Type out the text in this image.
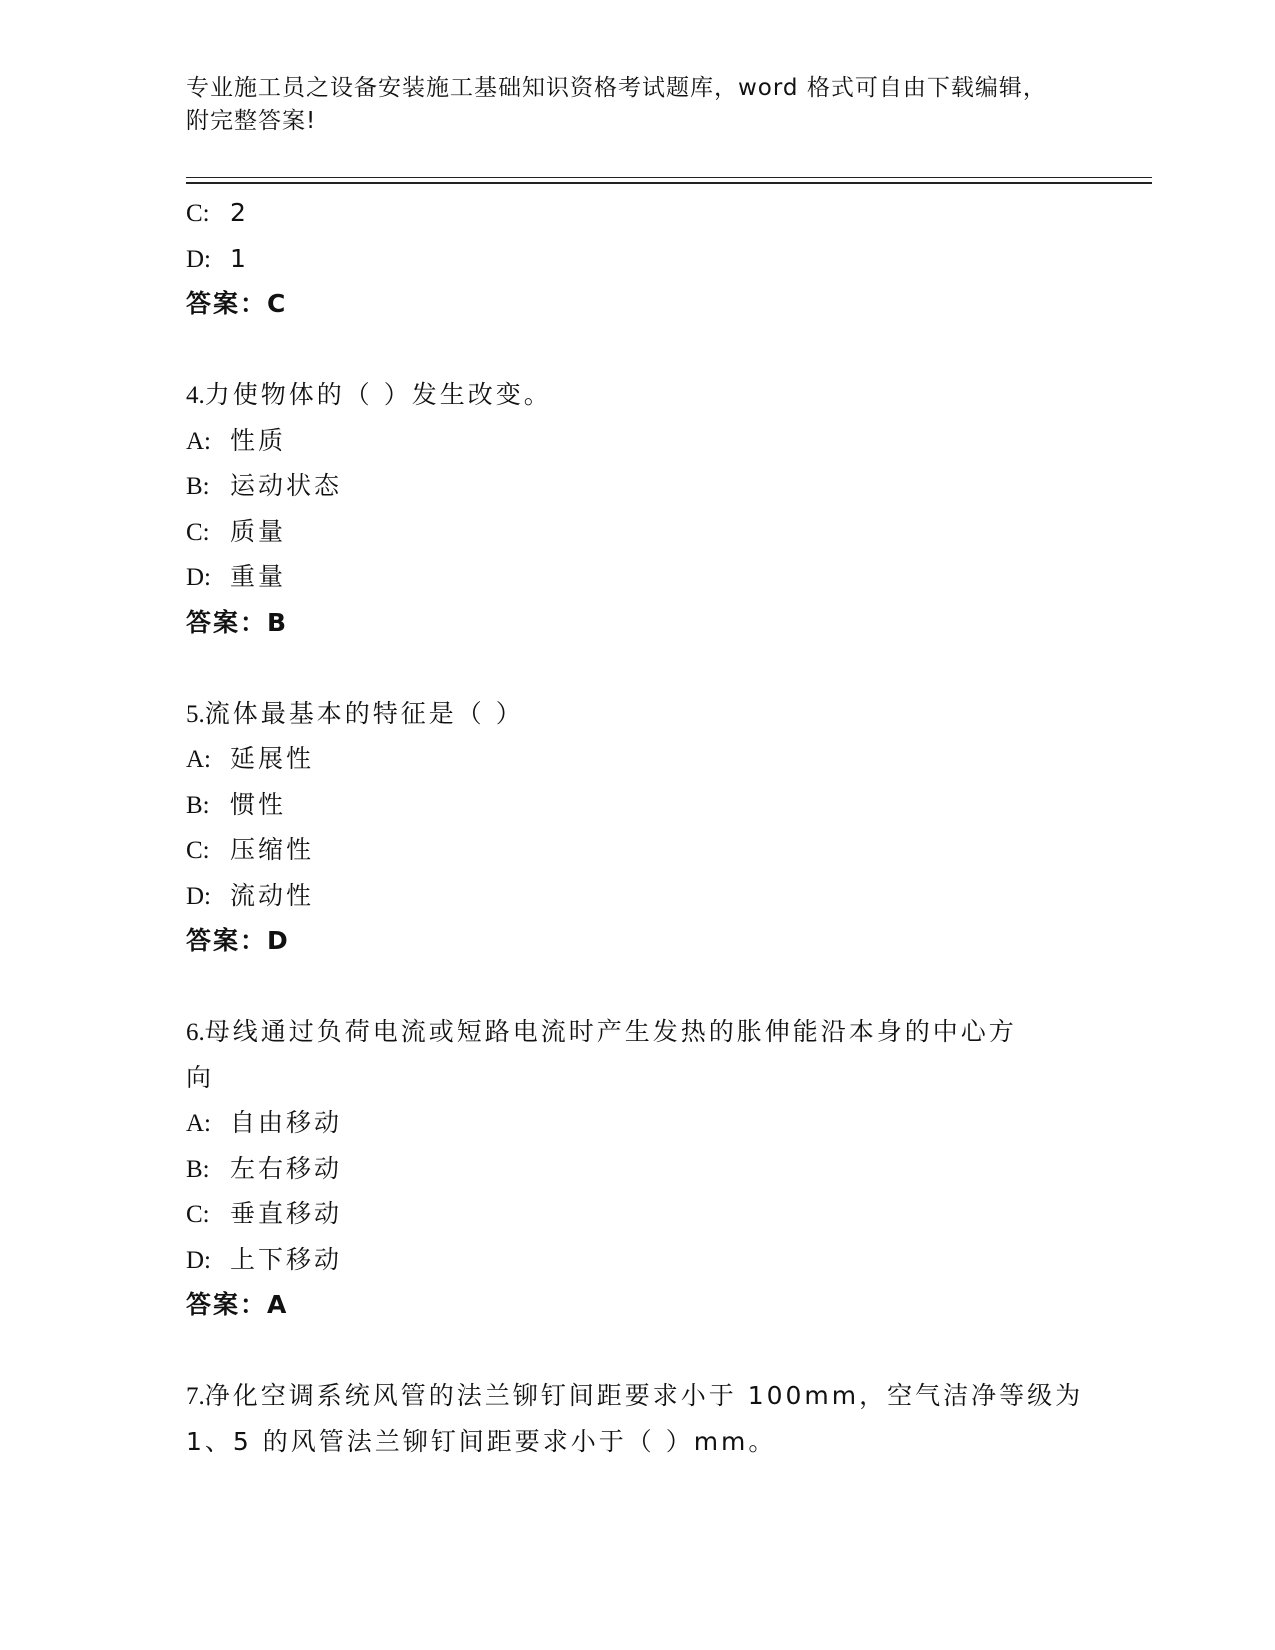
专业施工员之设备安装施工基础知识资格考试题库，word 格式可自由下载编辑，
附完整答案!
C: 2
D: 1
答案：C
4.力使物体的（ ）发生改变。
A: 性质
B: 运动状态
C: 质量
D: 重量
答案：B
5.流体最基本的特征是（ ）
A: 延展性
B: 惯性
C: 压缩性
D: 流动性
答案：D
6.母线通过负荷电流或短路电流时产生发热的胀伸能沿本身的中心方
向
A: 自由移动
B: 左右移动
C: 垂直移动
D: 上下移动
答案：A
7.净化空调系统风管的法兰铆钉间距要求小于 100mm，空气洁净等级为
1、5 的风管法兰铆钉间距要求小于（ ）mm。
